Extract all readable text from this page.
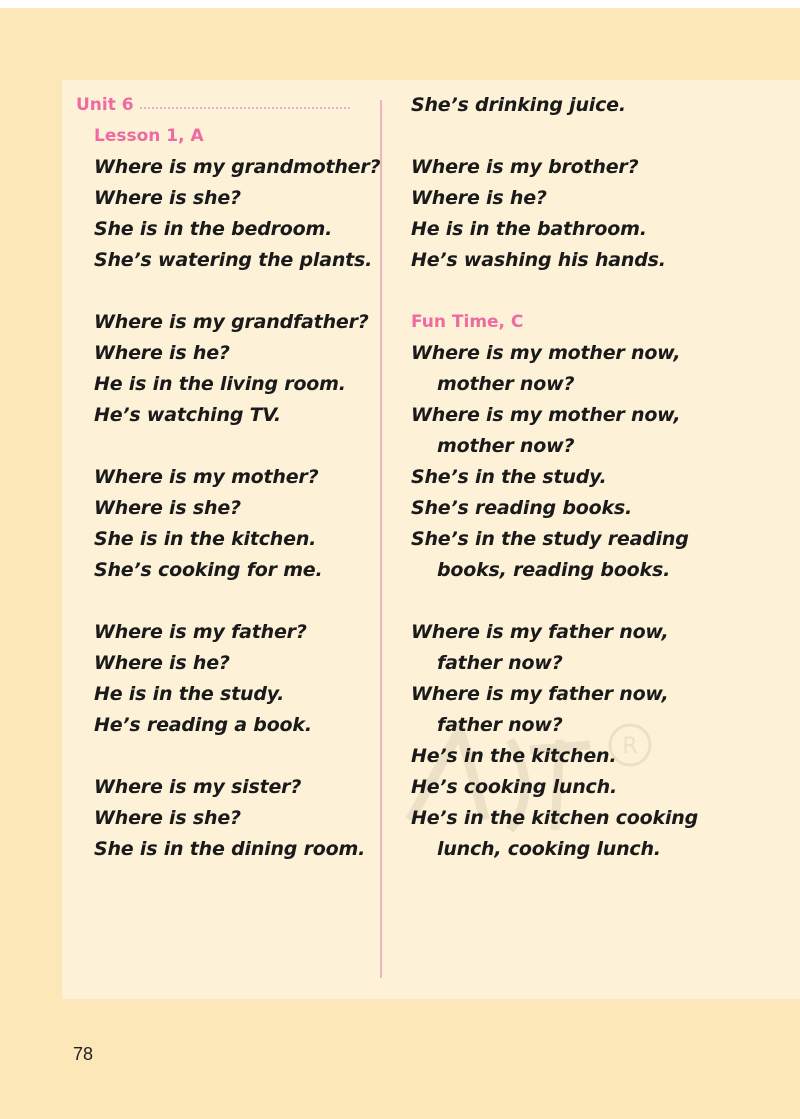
Unit 6
Lesson 1, A
Where is my grandmother?
Where is she?
She is in the bedroom.
She’s watering the plants.
Where is my grandfather?
Where is he?
He is in the living room.
He’s watching TV.
Where is my mother?
Where is she?
She is in the kitchen.
She’s cooking for me.
Where is my father?
Where is he?
He is in the study.
He’s reading a book.
Where is my sister?
Where is she?
She is in the dining room.
She’s drinking juice.
Where is my brother?
Where is he?
He is in the bathroom.
He’s washing his hands.
Fun Time, C
Where is my mother now,
mother now?
Where is my mother now,
mother now?
She’s in the study.
She’s reading books.
She’s in the study reading
books, reading books.
Where is my father now,
father now?
Where is my father now,
father now?
He’s in the kitchen.
He’s cooking lunch.
He’s in the kitchen cooking
lunch, cooking lunch.
78
